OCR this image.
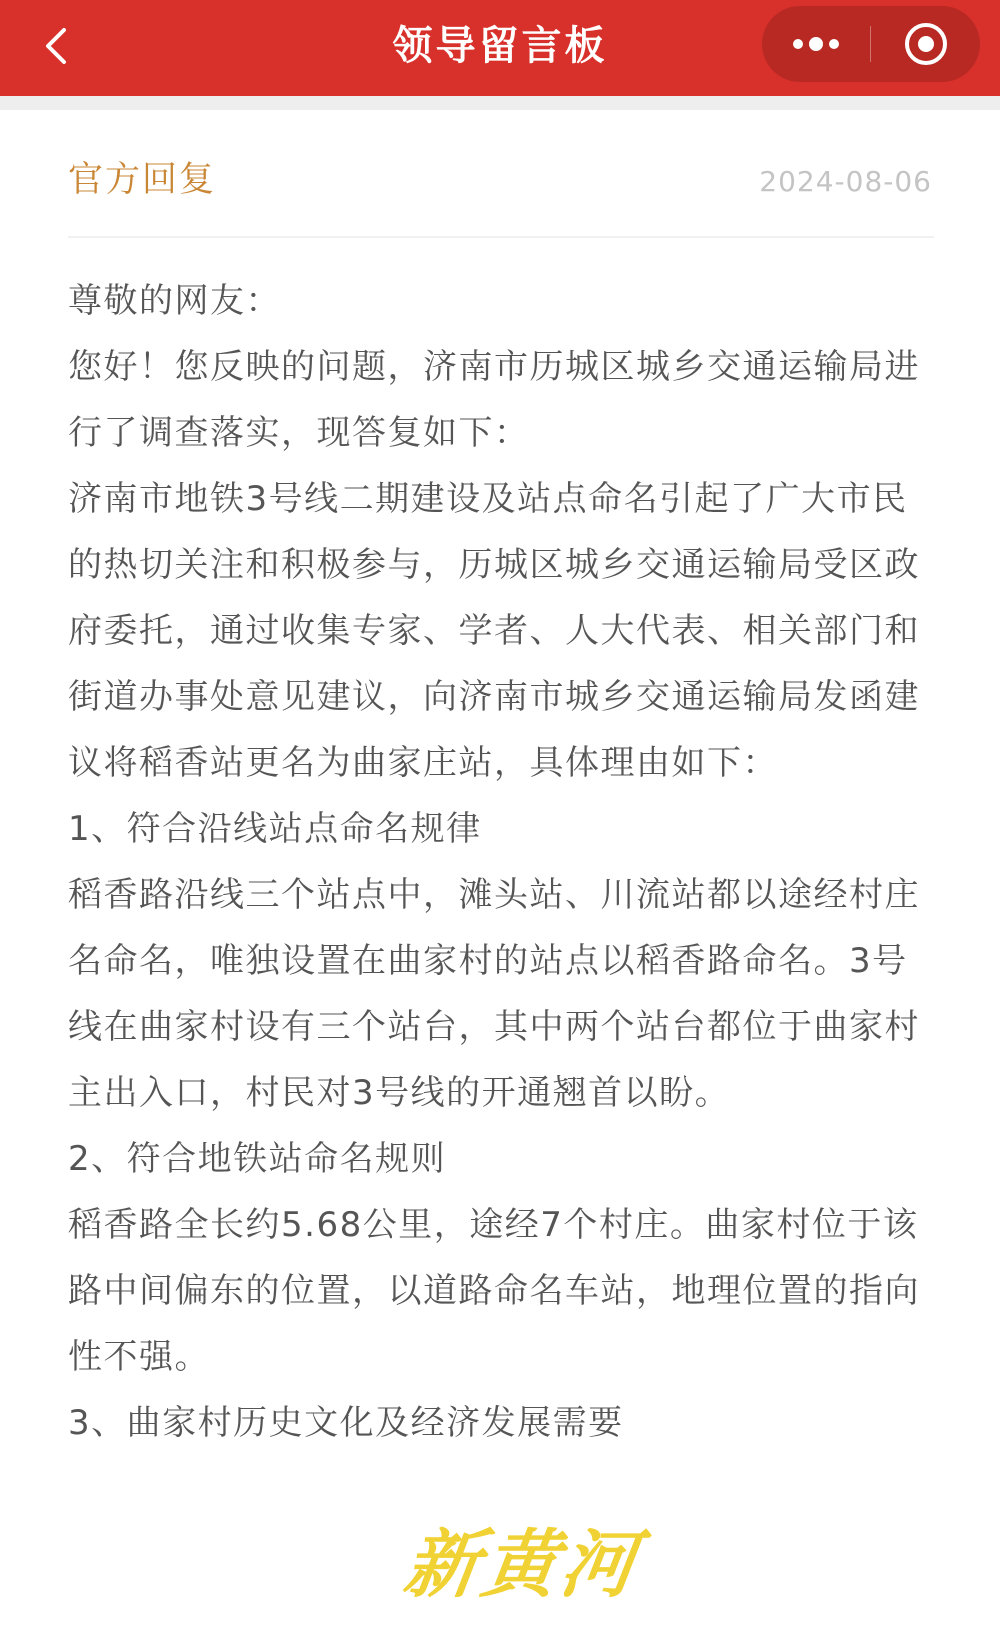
领导留言板
官方回复	2024-08-06

尊敬的网友：

您好！您反映的问题，济南市历城区城乡交通运输局进行了调查落实，现答复如下：

济南市地铁3号线二期建设及站点命名引起了广大市民的热切关注和积极参与，历城区城乡交通运输局受区政府委托，通过收集专家、学者、人大代表、相关部门和街道办事处意见建议，向济南市城乡交通运输局发函建议将稻香站更名为曲家庄站，具体理由如下：

1、符合沿线站点命名规律

稻香路沿线三个站点中，滩头站、川流站都以途经村庄名命名，唯独设置在曲家村的站点以稻香路命名。3号线在曲家村设有三个站台，其中两个站台都位于曲家村主出入口，村民对3号线的开通翘首以盼。

2、符合地铁站命名规则

稻香路全长约5.68公里，途经7个村庄。曲家村位于该路中间偏东的位置，以道路命名车站，地理位置的指向性不强。

3、曲家村历史文化及经济发展需要

新黄河
